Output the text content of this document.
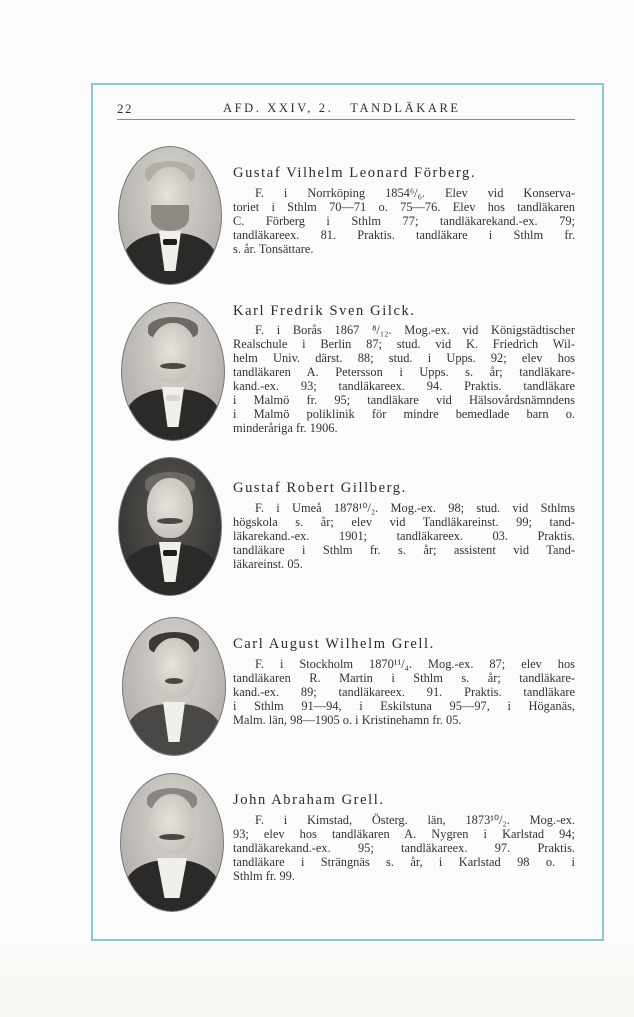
22	AFD. XXIV, 2.   TANDLÄKARE
Gustaf Vilhelm Leonard Förberg.
F. i Norrköping 1854⁶/₆. Elev vid Konserva-
toriet i Sthlm 70—71 o. 75—76. Elev hos tandläkaren
C. Förberg i Sthlm 77; tandläkarekand.-ex. 79;
tandläkareex. 81. Praktis. tandläkare i Sthlm fr.
s. år. Tonsättare.
Karl Fredrik Sven Gilck.
F. i Borås 1867 ⁸/₁₂. Mog.-ex. vid Königstädtischer
Realschule i Berlin 87; stud. vid K. Friedrich Wil-
helm Univ. därst. 88; stud. i Upps. 92; elev hos
tandläkaren A. Petersson i Upps. s. år; tandläkare-
kand.-ex. 93; tandläkareex. 94. Praktis. tandläkare
i Malmö fr. 95; tandläkare vid Hälsovårdsnämndens
i Malmö poliklinik för mindre bemedlade barn o.
minderåriga fr. 1906.
Gustaf Robert Gillberg.
F. i Umeå 1878¹⁰/₂. Mog.-ex. 98; stud. vid Sthlms
högskola s. år; elev vid Tandläkareinst. 99; tand-
läkarekand.-ex. 1901; tandläkareex. 03. Praktis.
tandläkare i Sthlm fr. s. år; assistent vid Tand-
läkareinst. 05.
Carl August Wilhelm Grell.
F. i Stockholm 1870¹¹/₄. Mog.-ex. 87; elev hos
tandläkaren R. Martin i Sthlm s. år; tandläkare-
kand.-ex. 89; tandläkareex. 91. Praktis. tandläkare
i Sthlm 91—94, i Eskilstuna 95—97, i Höganäs,
Malm. län, 98—1905 o. i Kristinehamn fr. 05.
John Abraham Grell.
F. i Kimstad, Österg. län, 1873¹⁰/₂. Mog.-ex.
93; elev hos tandläkaren A. Nygren i Karlstad 94;
tandläkarekand.-ex. 95; tandläkareex. 97. Praktis.
tandläkare i Strängnäs s. år, i Karlstad 98 o. i
Sthlm fr. 99.
